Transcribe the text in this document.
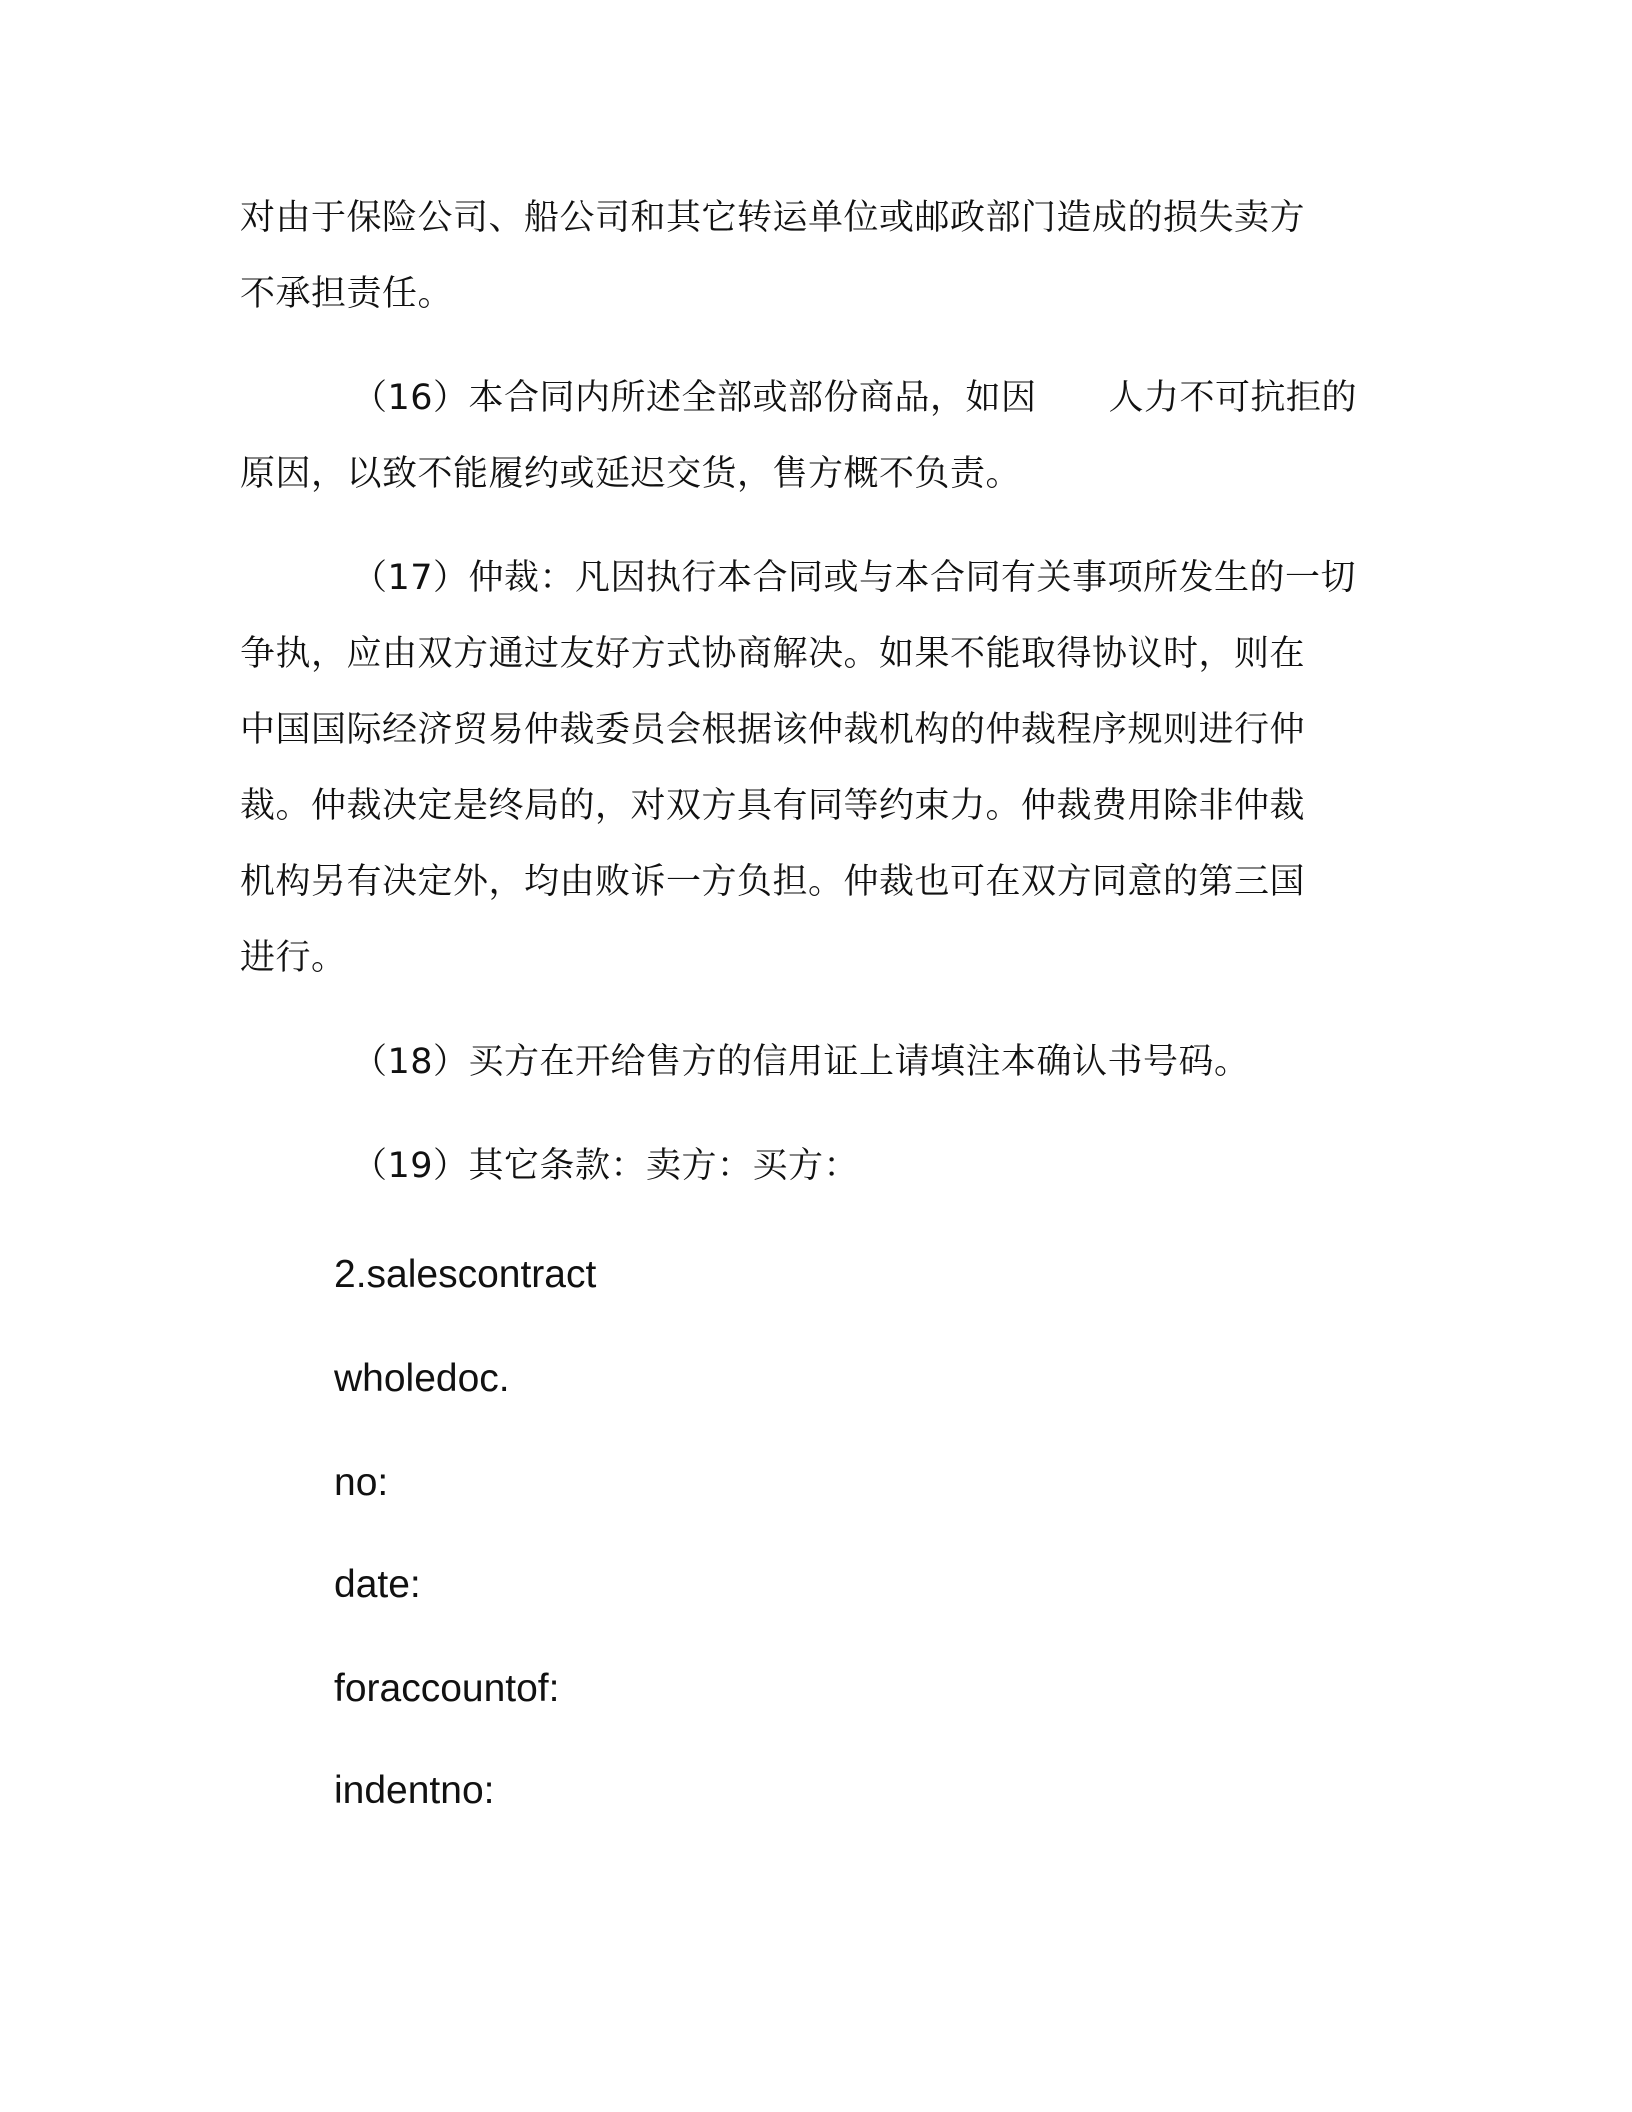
对由于保险公司、船公司和其它转运单位或邮政部门造成的损失卖方
不承担责任。
（16）本合同内所述全部或部份商品，如因 人力不可抗拒的
原因，以致不能履约或延迟交货，售方概不负责。
（17）仲裁：凡因执行本合同或与本合同有关事项所发生的一切
争执，应由双方通过友好方式协商解决。如果不能取得协议时，则在
中国国际经济贸易仲裁委员会根据该仲裁机构的仲裁程序规则进行仲
裁。仲裁决定是终局的，对双方具有同等约束力。仲裁费用除非仲裁
机构另有决定外，均由败诉一方负担。仲裁也可在双方同意的第三国
进行。
（18）买方在开给售方的信用证上请填注本确认书号码。
（19）其它条款：卖方：买方：
2.salescontract
wholedoc.
no:
date:
foraccountof:
indentno:
